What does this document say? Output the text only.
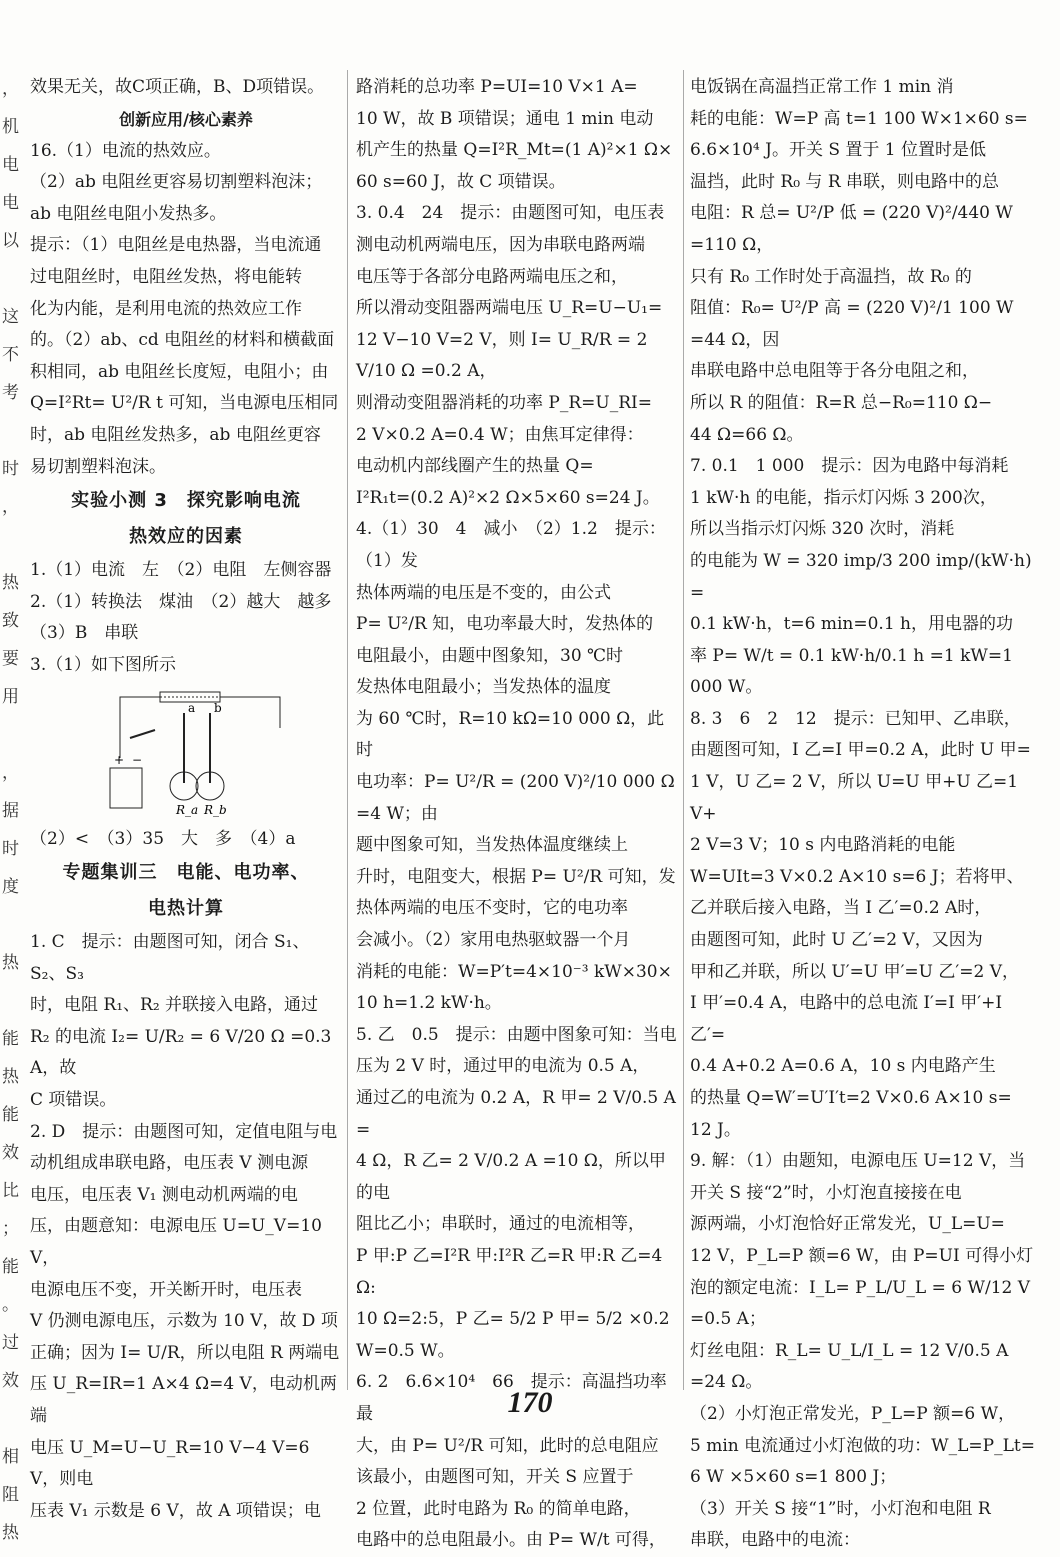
，
机
电
电
以
这
不
考
时
，
热
致
要
用
，
据
时
度
热
能
热
能
效
比
；
能
。
过
效
相
阻
热

效果无关，故C项正确，B、D项错误。

创新应用/核心素养

16.（1）电流的热效应。

（2）ab 电阻丝更容易切割塑料泡沫；

ab 电阻丝电阻小发热多。

提示：（1）电阻丝是电热器，当电流通

过电阻丝时，电阻丝发热，将电能转

化为内能，是利用电流的热效应工作

的。（2）ab、cd 电阻丝的材料和横截面

积相同，ab 电阻丝长度短，电阻小；由

Q=I²Rt= U²/R t 可知，当电源电压相同

时，ab 电阻丝发热多，ab 电阻丝更容

易切割塑料泡沫。

实验小测 3　探究影响电流

热效应的因素

1.（1）电流　左　（2）电阻　左侧容器

2.（1）转换法　煤油　（2）越大　越多

（3）B　串联

3.（1）如下图所示

a b
+ −
R_a R_b

（2）<　（3）35　大　多　（4）a

专题集训三　电能、电功率、

电热计算

1. C　提示：由题图可知，闭合 S₁、S₂、S₃

时，电阻 R₁、R₂ 并联接入电路，通过

R₂ 的电流 I₂= U/R₂ = 6 V/20 Ω =0.3 A，故

C 项错误。

2. D　提示：由题图可知，定值电阻与电

动机组成串联电路，电压表 V 测电源

电压，电压表 V₁ 测电动机两端的电

压，由题意知：电源电压 U=U_V=10 V，

电源电压不变，开关断开时，电压表

V 仍测电源电压，示数为 10 V，故 D 项

正确；因为 I= U/R，所以电阻 R 两端电

压 U_R=IR=1 A×4 Ω=4 V，电动机两端

电压 U_M=U−U_R=10 V−4 V=6 V，则电

压表 V₁ 示数是 6 V，故 A 项错误；电

路消耗的总功率 P=UI=10 V×1 A=

10 W，故 B 项错误；通电 1 min 电动

机产生的热量 Q=I²R_Mt=(1 A)²×1 Ω×

60 s=60 J，故 C 项错误。

3. 0.4　24　提示：由题图可知，电压表

测电动机两端电压，因为串联电路两端

电压等于各部分电路两端电压之和，

所以滑动变阻器两端电压 U_R=U−U₁=

12 V−10 V=2 V，则 I= U_R/R = 2 V/10 Ω =0.2 A，

则滑动变阻器消耗的功率 P_R=U_RI=

2 V×0.2 A=0.4 W；由焦耳定律得：

电动机内部线圈产生的热量 Q=

I²R₁t=(0.2 A)²×2 Ω×5×60 s=24 J。

4.（1）30　4　减小　（2）1.2　提示：（1）发

热体两端的电压是不变的，由公式

P= U²/R 知，电功率最大时，发热体的

电阻最小，由题中图象知，30 ℃时

发热体电阻最小；当发热体的温度

为 60 ℃时，R=10 kΩ=10 000 Ω，此时

电功率：P= U²/R = (200 V)²/10 000 Ω =4 W；由

题中图象可知，当发热体温度继续上

升时，电阻变大，根据 P= U²/R 可知，发

热体两端的电压不变时，它的电功率

会减小。（2）家用电热驱蚊器一个月

消耗的电能：W=P′t=4×10⁻³ kW×30×

10 h=1.2 kW·h。

5. 乙　0.5　提示：由题中图象可知：当电

压为 2 V 时，通过甲的电流为 0.5 A，

通过乙的电流为 0.2 A，R 甲= 2 V/0.5 A =

4 Ω，R 乙= 2 V/0.2 A =10 Ω，所以甲的电

阻比乙小；串联时，通过的电流相等，

P 甲:P 乙=I²R 甲:I²R 乙=R 甲:R 乙=4 Ω:

10 Ω=2:5，P 乙= 5/2 P 甲= 5/2 ×0.2 W=0.5 W。

6. 2　6.6×10⁴　66　提示：高温挡功率最

大，由 P= U²/R 可知，此时的总电阻应

该最小，由题图可知，开关 S 应置于

2 位置，此时电路为 R₀ 的简单电路，

电路中的总电阻最小。由 P= W/t 可得，

电饭锅在高温挡正常工作 1 min 消

耗的电能：W=P 高 t=1 100 W×1×60 s=

6.6×10⁴ J。开关 S 置于 1 位置时是低

温挡，此时 R₀ 与 R 串联，则电路中的总

电阻：R 总= U²/P 低 = (220 V)²/440 W =110 Ω，

只有 R₀ 工作时处于高温挡，故 R₀ 的

阻值：R₀= U²/P 高 = (220 V)²/1 100 W =44 Ω，因

串联电路中总电阻等于各分电阻之和，

所以 R 的阻值：R=R 总−R₀=110 Ω−

44 Ω=66 Ω。

7. 0.1　1 000　提示：因为电路中每消耗

1 kW·h 的电能，指示灯闪烁 3 200次，

所以当指示灯闪烁 320 次时，消耗

的电能为 W = 320 imp/3 200 imp/(kW·h) =

0.1 kW·h，t=6 min=0.1 h，用电器的功

率 P= W/t = 0.1 kW·h/0.1 h =1 kW=1 000 W。

8. 3　6　2　12　提示：已知甲、乙串联，

由题图可知，I 乙=I 甲=0.2 A，此时 U 甲=

1 V，U 乙= 2 V，所以 U=U 甲+U 乙=1 V+

2 V=3 V；10 s 内电路消耗的电能

W=UIt=3 V×0.2 A×10 s=6 J；若将甲、

乙并联后接入电路，当 I 乙′=0.2 A时，

由题图可知，此时 U 乙′=2 V，又因为

甲和乙并联，所以 U′=U 甲′=U 乙′=2 V，

I 甲′=0.4 A，电路中的总电流 I′=I 甲′+I 乙′=

0.4 A+0.2 A=0.6 A，10 s 内电路产生

的热量 Q=W′=U′I′t=2 V×0.6 A×10 s=

12 J。

9. 解：（1）由题知，电源电压 U=12 V，当

开关 S 接“2”时，小灯泡直接接在电

源两端，小灯泡恰好正常发光，U_L=U=

12 V，P_L=P 额=6 W，由 P=UI 可得小灯

泡的额定电流：I_L= P_L/U_L = 6 W/12 V =0.5 A；

灯丝电阻：R_L= U_L/I_L = 12 V/0.5 A =24 Ω。

（2）小灯泡正常发光，P_L=P 额=6 W，

5 min 电流通过小灯泡做的功：W_L=P_Lt=

6 W ×5×60 s=1 800 J；

（3）开关 S 接“1”时，小灯泡和电阻 R

串联，电路中的电流：

170
